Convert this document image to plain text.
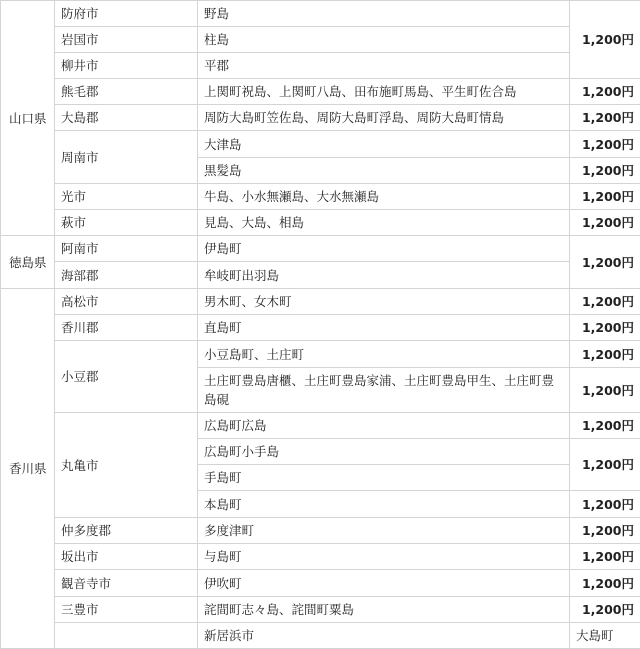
山口県	防府市	野島	1,200円	
	岩国市	柱島		
	柳井市	平郡		
	熊毛郡	上関町祝島、上関町八島、田布施町馬島、平生町佐合島	1,200円	
	大島郡	周防大島町笠佐島、周防大島町浮島、周防大島町情島	1,200円	
	周南市	大津島	1,200円	
		黒髪島	1,200円	
	光市	牛島、小水無瀬島、大水無瀬島	1,200円	
	萩市	見島、大島、相島	1,200円	
徳島県	阿南市	伊島町	1,200円	
	海部郡	牟岐町出羽島		
香川県	高松市	男木町、女木町	1,200円	
	香川郡	直島町	1,200円	
	小豆郡	小豆島町、土庄町	1,200円	
		土庄町豊島唐櫃、土庄町豊島家浦、土庄町豊島甲生、土庄町豊島硯	1,200円	
	丸亀市	広島町広島	1,200円	
		広島町小手島	1,200円	
		手島町		
		本島町	1,200円	
	仲多度郡	多度津町	1,200円	
	坂出市	与島町	1,200円	
	観音寺市	伊吹町	1,200円	
	三豊市	詫間町志々島、詫間町粟島	1,200円	
		新居浜市	大島町	
